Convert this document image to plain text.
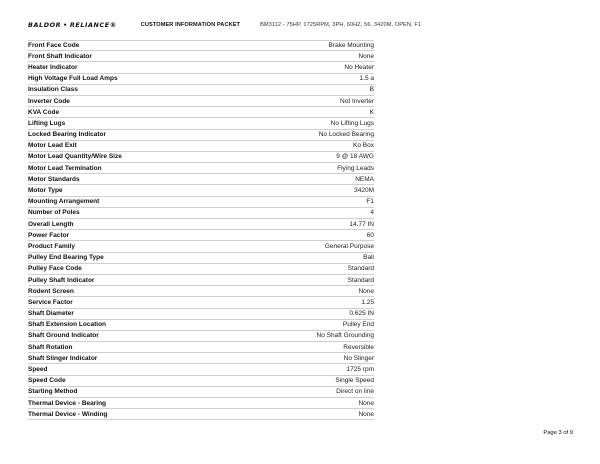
BALDOR • RELIANCE®	CUSTOMER INFORMATION PACKET	BM3112 - 75HP, 1725RPM, 3PH, 60HZ, 56, 3420M, OPEN, F1
Front Face Code	Brake Mounting
Front Shaft Indicator	None
Heater Indicator	No Heater
High Voltage Full Load Amps	1.5 a
Insulation Class	B
Inverter Code	Not Inverter
KVA Code	K
Lifting Lugs	No Lifting Lugs
Locked Bearing Indicator	No Locked Bearing
Motor Lead Exit	Ko Box
Motor Lead Quantity/Wire Size	9 @ 18 AWG
Motor Lead Termination	Flying Leads
Motor Standards	NEMA
Motor Type	3420M
Mounting Arrangement	F1
Number of Poles	4
Overall Length	14.77 IN
Power Factor	60
Product Family	General Purpose
Pulley End Bearing Type	Ball
Pulley Face Code	Standard
Pulley Shaft Indicator	Standard
Rodent Screen	None
Service Factor	1.25
Shaft Diameter	0.625 IN
Shaft Extension Location	Pulley End
Shaft Ground Indicator	No Shaft Grounding
Shaft Rotation	Reversible
Shaft Slinger Indicator	No Slinger
Speed	1725 rpm
Speed Code	Single Speed
Starting Method	Direct on line
Thermal Device - Bearing	None
Thermal Device - Winding	None
Page 3 of 9
